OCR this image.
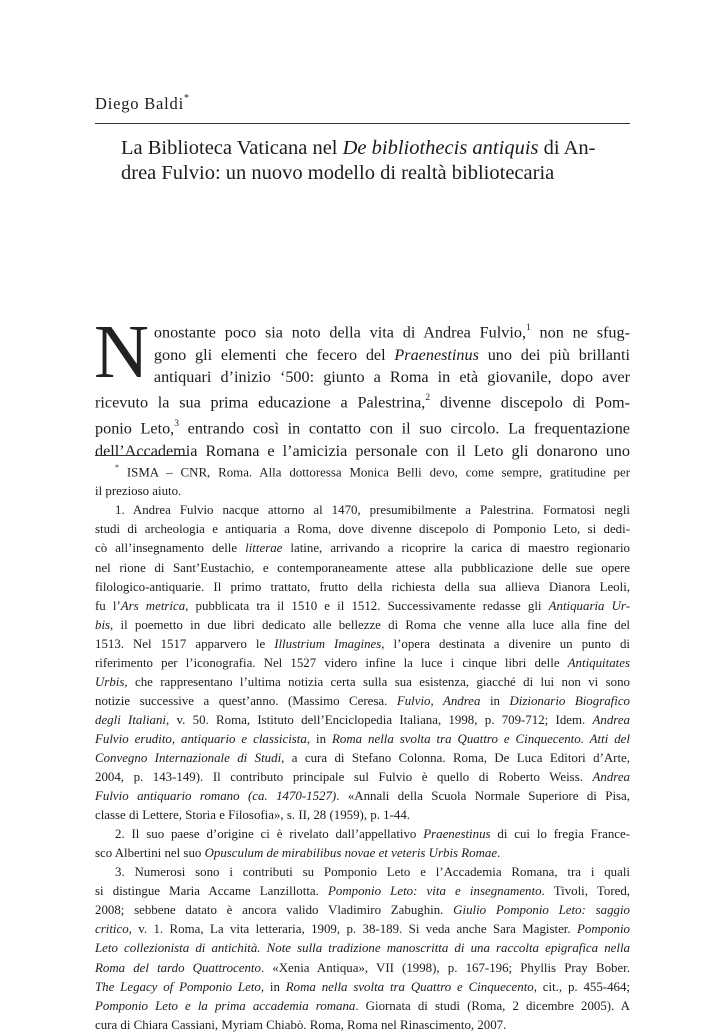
Diego Baldi*
La Biblioteca Vaticana nel De bibliothecis antiquis di An-
drea Fulvio: un nuovo modello di realtà bibliotecaria
N onostante poco sia noto della vita di Andrea Fulvio,$^1$ non ne sfug-
gono gli elementi che fecero del Praenestinus uno dei più brillanti
antiquari d’inizio ‘500: giunto a Roma in età giovanile, dopo aver
ricevuto la sua prima educazione a Palestrina,$^2$ divenne discepolo di Pom-
ponio Leto,$^3$ entrando così in contatto con il suo circolo. La frequentazione
dell’Accademia Romana e l’amicizia personale con il Leto gli donarono uno
* ISMA – CNR, Roma. Alla dottoressa Monica Belli devo, come sempre, gratitudine per
il prezioso aiuto.
1. Andrea Fulvio nacque attorno al 1470, presumibilmente a Palestrina. Formatosi negli
studi di archeologia e antiquaria a Roma, dove divenne discepolo di Pomponio Leto, si dedi-
cò all’insegnamento delle litterae latine, arrivando a ricoprire la carica di maestro regionario
nel rione di Sant’Eustachio, e contemporaneamente attese alla pubblicazione delle sue opere
filologico-antiquarie. Il primo trattato, frutto della richiesta della sua allieva Dianora Leoli,
fu l’Ars metrica, pubblicata tra il 1510 e il 1512. Successivamente redasse gli Antiquaria Ur-
bis, il poemetto in due libri dedicato alle bellezze di Roma che venne alla luce alla fine del
1513. Nel 1517 apparvero le Illustrium Imagines, l’opera destinata a divenire un punto di
riferimento per l’iconografia. Nel 1527 videro infine la luce i cinque libri delle Antiquitates
Urbis, che rappresentano l’ultima notizia certa sulla sua esistenza, giacché di lui non vi sono
notizie successive a quest’anno. (Massimo Ceresa. Fulvio, Andrea in Dizionario Biografico
degli Italiani, v. 50. Roma, Istituto dell’Enciclopedia Italiana, 1998, p. 709-712; Idem. Andrea
Fulvio erudito, antiquario e classicista, in Roma nella svolta tra Quattro e Cinquecento. Atti del
Convegno Internazionale di Studi, a cura di Stefano Colonna. Roma, De Luca Editori d’Arte,
2004, p. 143-149). Il contributo principale sul Fulvio è quello di Roberto Weiss. Andrea
Fulvio antiquario romano (ca. 1470-1527). «Annali della Scuola Normale Superiore di Pisa,
classe di Lettere, Storia e Filosofia», s. II, 28 (1959), p. 1-44.
2. Il suo paese d’origine ci è rivelato dall’appellativo Praenestinus di cui lo fregia France-
sco Albertini nel suo Opusculum de mirabilibus novae et veteris Urbis Romae.
3. Numerosi sono i contributi su Pomponio Leto e l’Accademia Romana, tra i quali
si distingue Maria Accame Lanzillotta. Pomponio Leto: vita e insegnamento. Tivoli, Tored,
2008; sebbene datato è ancora valido Vladimiro Zabughin. Giulio Pomponio Leto: saggio
critico, v. 1. Roma, La vita letteraria, 1909, p. 38-189. Si veda anche Sara Magister. Pomponio
Leto collezionista di antichità. Note sulla tradizione manoscritta di una raccolta epigrafica nella
Roma del tardo Quattrocento. «Xenia Antiqua», VII (1998), p. 167-196; Phyllis Pray Bober.
The Legacy of Pomponio Leto, in Roma nella svolta tra Quattro e Cinquecento, cit., p. 455-464;
Pomponio Leto e la prima accademia romana. Giornata di studi (Roma, 2 dicembre 2005). A
cura di Chiara Cassiani, Myriam Chiabò. Roma, Roma nel Rinascimento, 2007.
